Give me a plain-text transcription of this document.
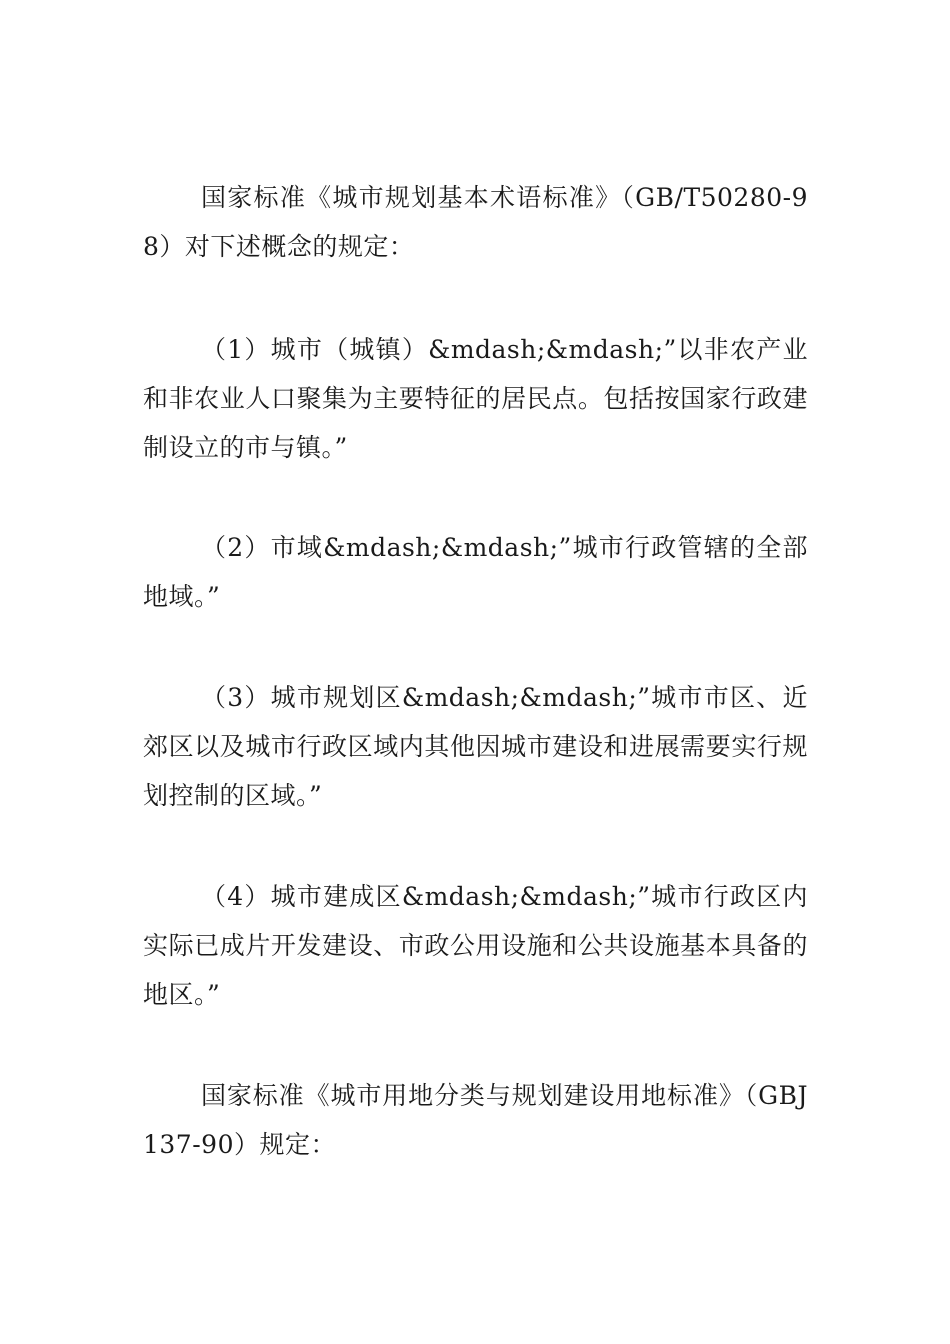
国家标准《城市规划基本术语标准》（GB/T50280-98）对下述概念的规定：

（1）城市（城镇）&mdash;&mdash;”以非农产业和非农业人口聚集为主要特征的居民点。包括按国家行政建制设立的市与镇。”

（2）市域&mdash;&mdash;”城市行政管辖的全部地域。”

（3）城市规划区&mdash;&mdash;”城市市区、近郊区以及城市行政区域内其他因城市建设和进展需要实行规划控制的区域。”

（4）城市建成区&mdash;&mdash;”城市行政区内实际已成片开发建设、市政公用设施和公共设施基本具备的地区。”

国家标准《城市用地分类与规划建设用地标准》（GBJ137-90）规定：
